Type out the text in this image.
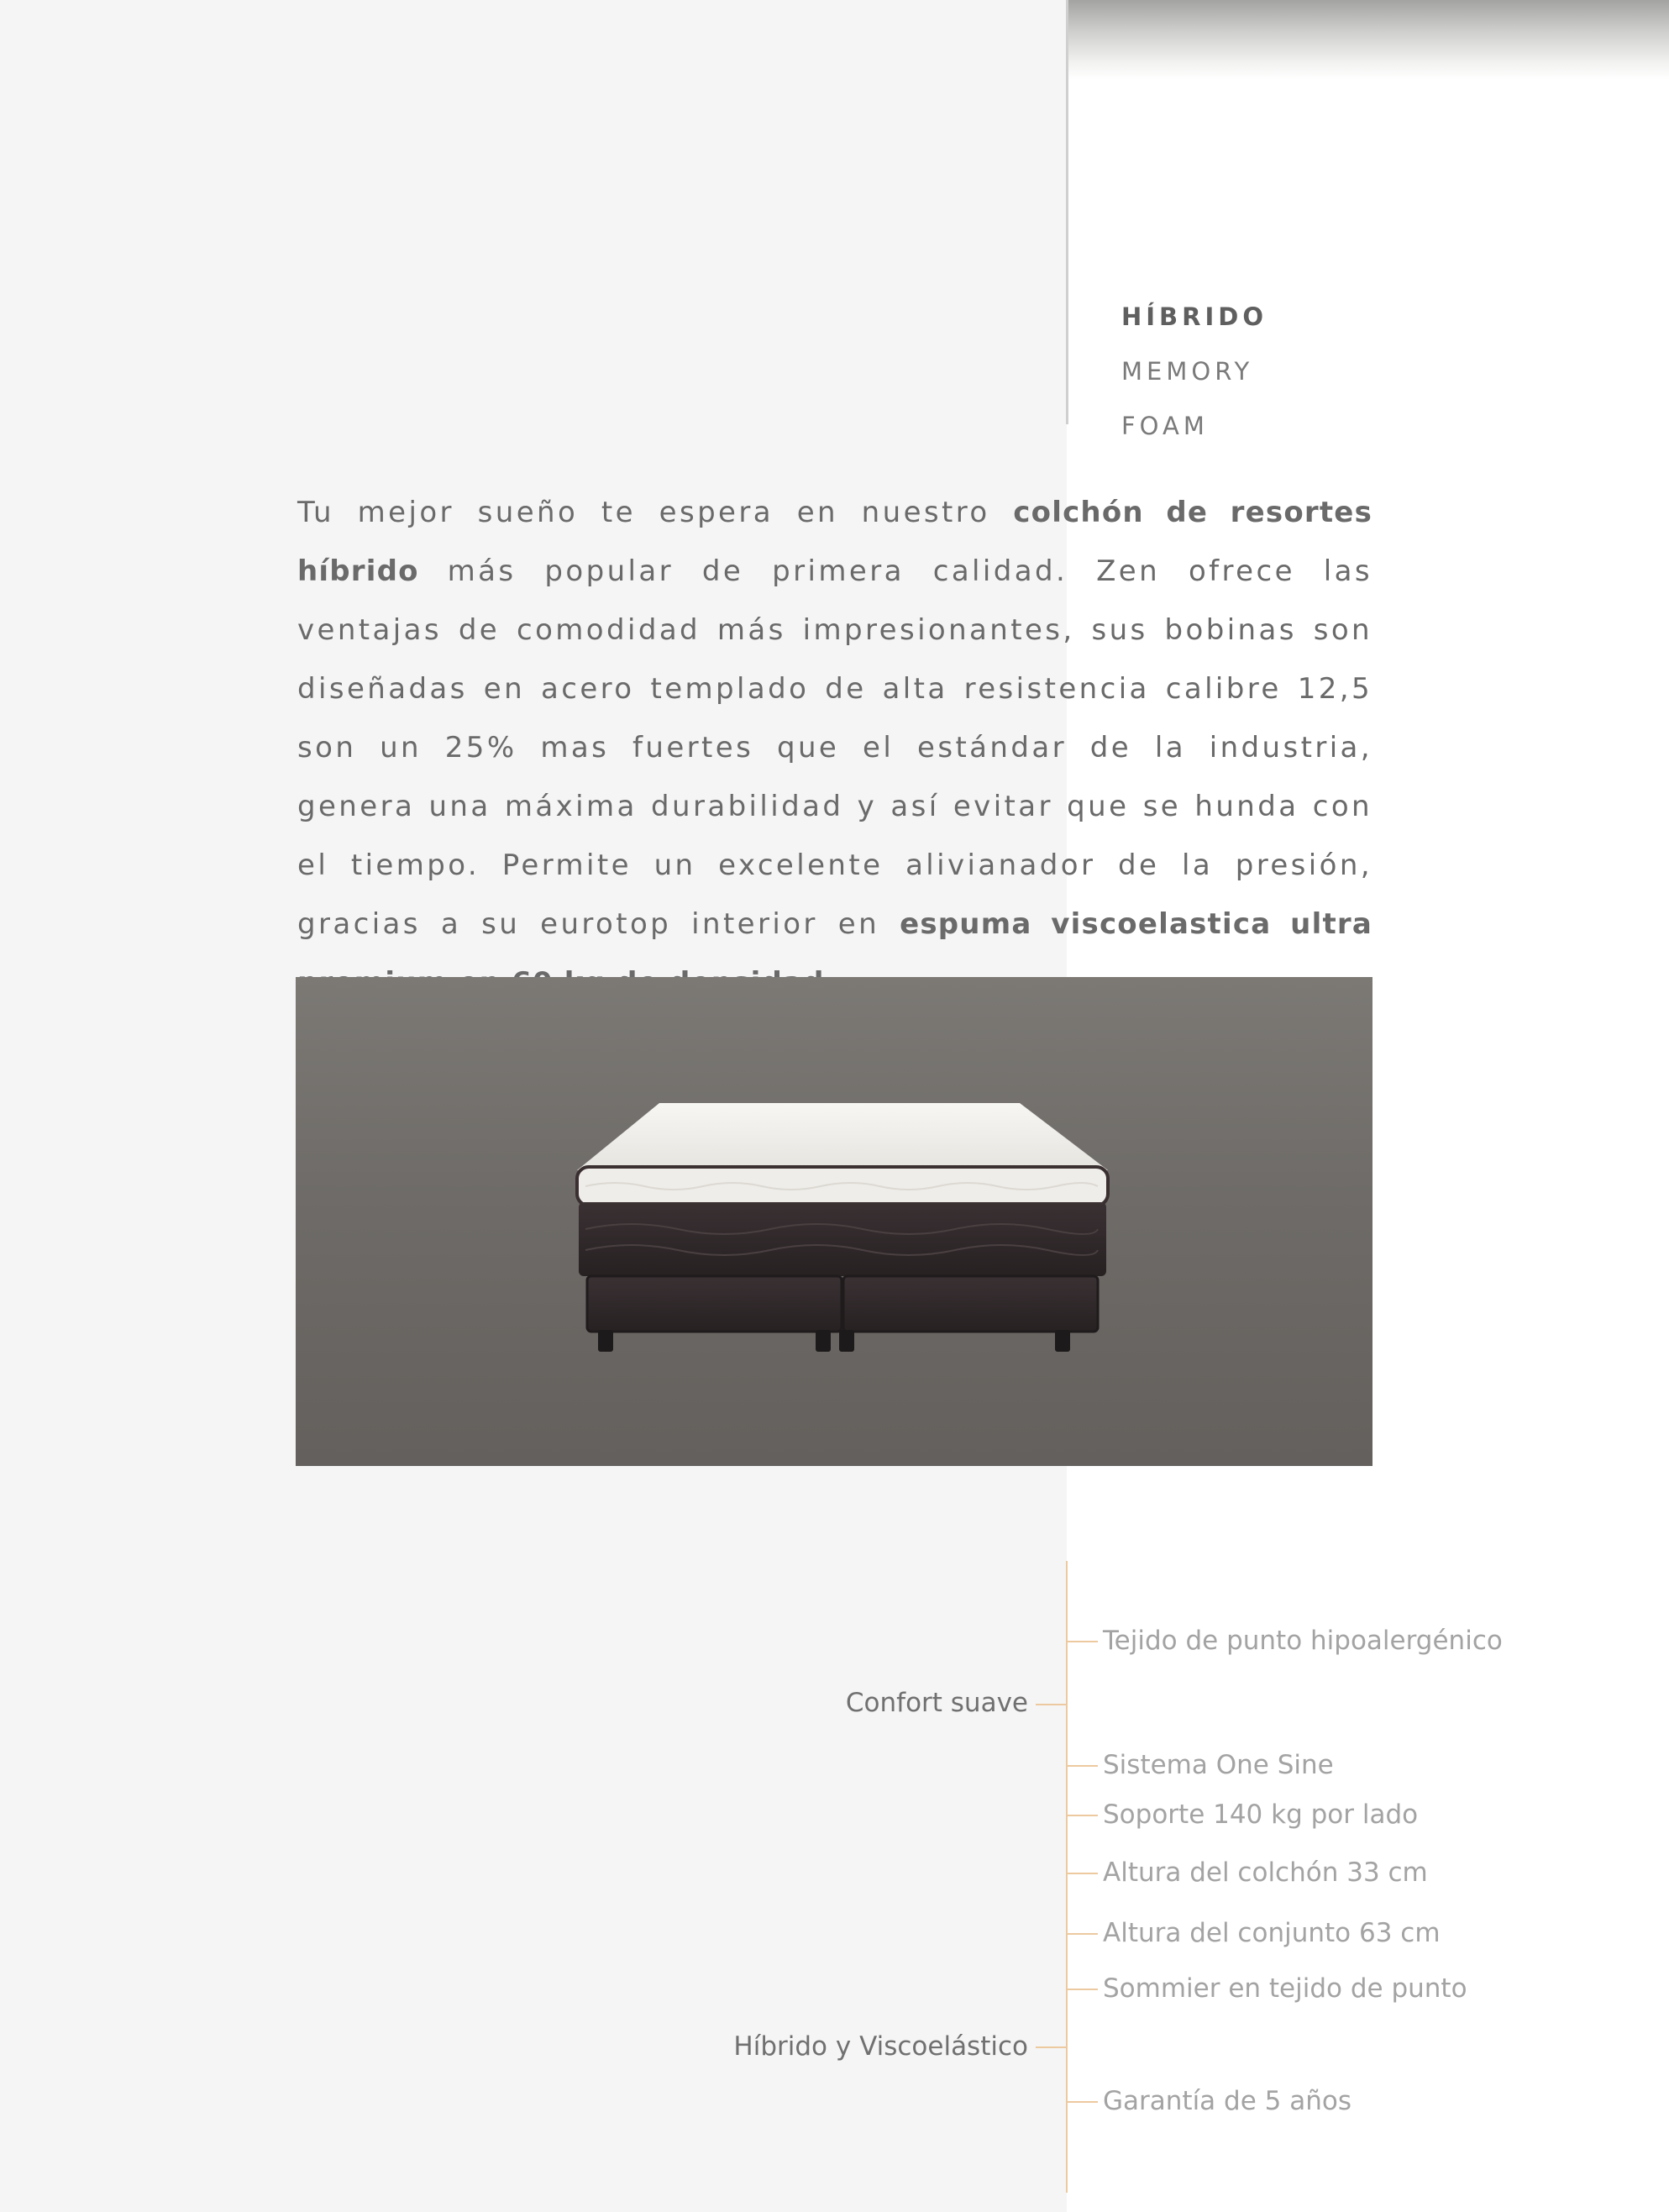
HÍBRIDO
MEMORY
FOAM

Tu mejor sueño te espera en nuestro colchón de resortes híbrido más popular de primera calidad. Zen ofrece las ventajas de comodidad más impresionantes, sus bobinas son diseñadas en acero templado de alta resistencia calibre 12,5 son un 25% mas fuertes que el estándar de la industria, genera una máxima durabilidad y así evitar que se hunda con el tiempo. Permite un excelente alivianador de la presión, gracias a su eurotop interior en espuma viscoelastica ultra

Tejido de punto hipoalergénico
Sistema One Sine
Soporte 140 kg por lado
Altura del colchón 33 cm
Altura del conjunto 63 cm
Sommier en tejido de punto
Garantía de 5 años
Confort suave
Híbrido y Viscoelástico
